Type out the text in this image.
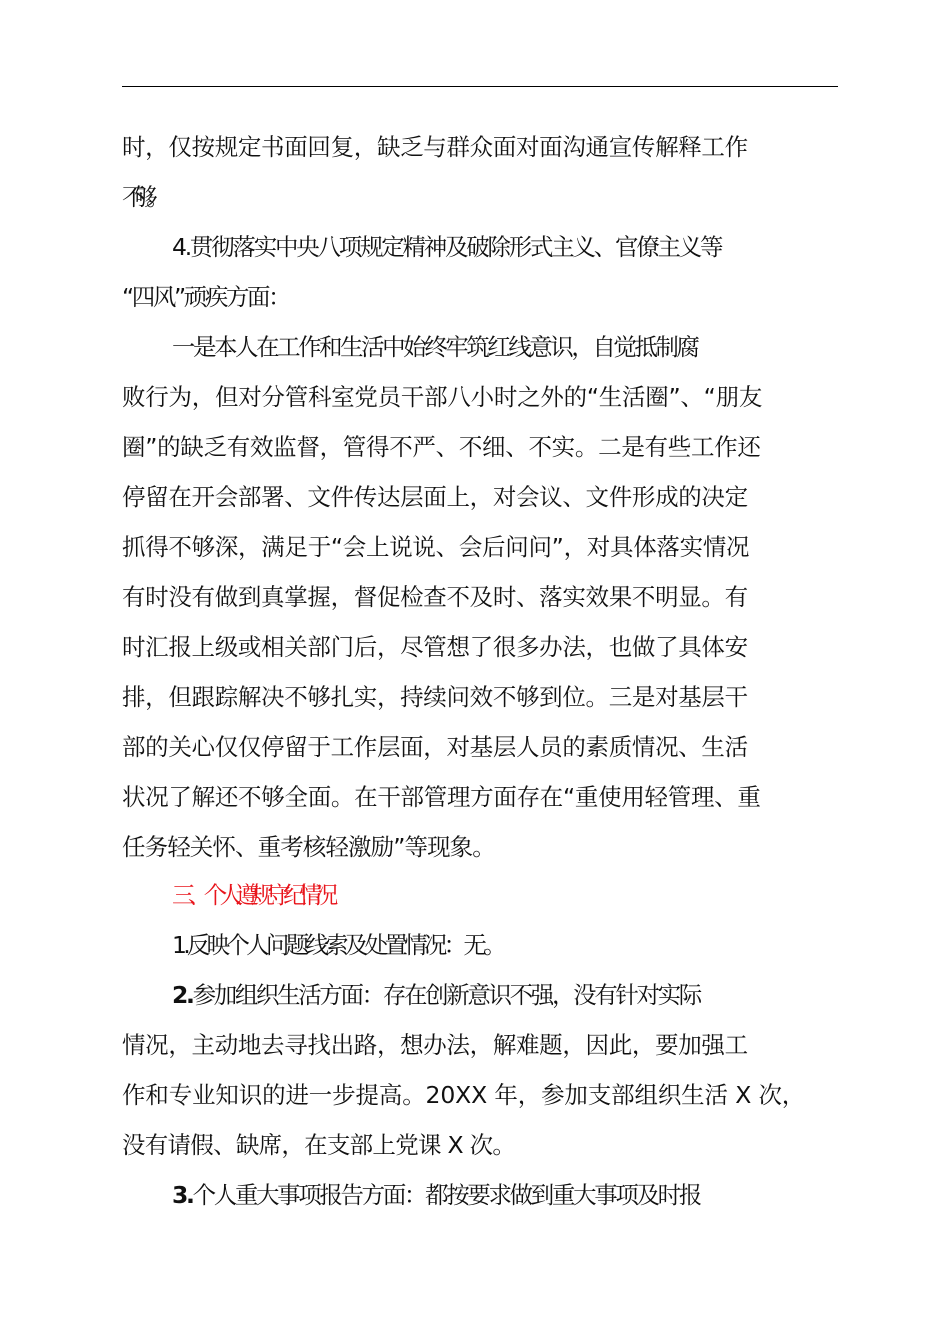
时，仅按规定书面回复，缺乏与群众面对面沟通宣传解释工作
不够。
4.贯彻落实中央八项规定精神及破除形式主义、官僚主义等
“四风”顽疾方面：
一是本人在工作和生活中始终牢筑红线意识，自觉抵制腐
败行为，但对分管科室党员干部八小时之外的“生活圈”、“朋友
圈”的缺乏有效监督，管得不严、不细、不实。二是有些工作还
停留在开会部署、文件传达层面上，对会议、文件形成的决定
抓得不够深，满足于“会上说说、会后问问”，对具体落实情况
有时没有做到真掌握，督促检查不及时、落实效果不明显。有
时汇报上级或相关部门后，尽管想了很多办法，也做了具体安
排，但跟踪解决不够扎实，持续问效不够到位。三是对基层干
部的关心仅仅停留于工作层面，对基层人员的素质情况、生活
状况了解还不够全面。在干部管理方面存在“重使用轻管理、重
任务轻关怀、重考核轻激励”等现象。
三、个人遵规守纪情况
1.反映个人问题线索及处置情况：无。
2.参加组织生活方面：存在创新意识不强，没有针对实际
情况，主动地去寻找出路，想办法，解难题，因此，要加强工
作和专业知识的进一步提高。20XX 年，参加支部组织生活 X 次，
没有请假、缺席，在支部上党课 X 次。
3.个人重大事项报告方面：都按要求做到重大事项及时报
